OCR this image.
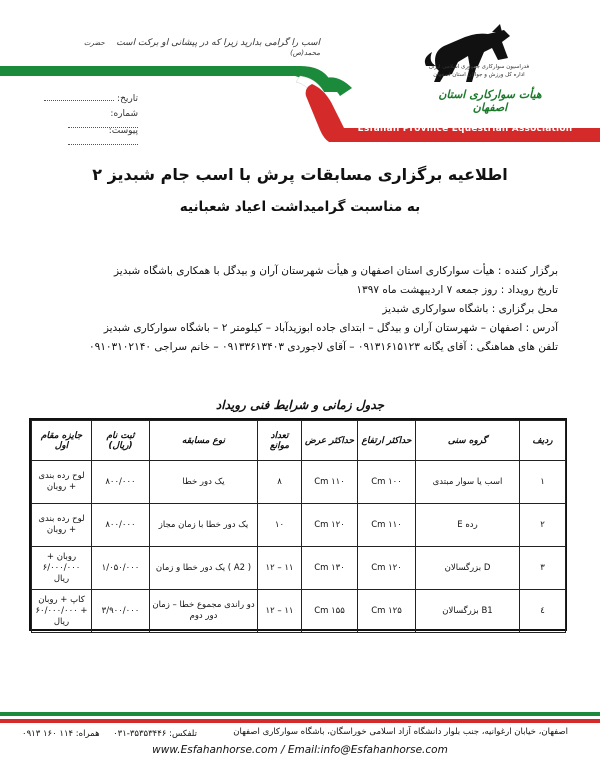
اسب را گرامی بدارید زیرا که در پیشانی او برکت است    حضرت محمد(ص)
Esfahan Province Equestrian Association
فدراسیون سوارکاری جمهوری اسلامی ایران
اداره کل ورزش و جوانان استان اصفهان
هیأت سوارکاری استان اصفهان
تاریخ:
شماره:
پیوست:
اطلاعیه برگزاری مسابقات پرش با اسب جام شبدیز ۲
به مناسبت گرامیداشت اعیاد شعبانیه
برگزار کننده : هیأت سوارکاری استان اصفهان و هیأت شهرستان آران و بیدگل با همکاری باشگاه شبدیز
تاریخ رویداد : روز جمعه ۷ اردیبهشت ماه ۱۳۹۷
محل برگزاری : باشگاه سوارکاری شبدیز
آدرس : اصفهان – شهرستان آران و بیدگل – ابتدای جاده ابوزیدآباد – کیلومتر ۲ – باشگاه سوارکاری شبدیز
تلفن های هماهنگی : آقای یگانه ۰۹۱۳۱۶۱۵۱۲۳ – آقای لاجوردی ۰۹۱۳۳۶۱۳۴۰۳ – خانم سراجی ۰۹۱۰۳۱۰۲۱۴۰
جدول زمانی و شرایط فنی رویداد
ردیف	گروه سنی	حداکثر ارتفاع	حداکثر عرض	تعداد موانع	نوع مسابقه	ثبت نام (ریال)	جایزه مقام اول
۱	اسب یا سوار مبتدی	۱۰۰ Cm	۱۱۰ Cm	۸	یک دور خطا	۸۰۰/۰۰۰	لوح رده بندی + روبان
۲	رده E	۱۱۰ Cm	۱۲۰ Cm	۱۰	یک دور خطا با زمان مجاز	۸۰۰/۰۰۰	لوح رده بندی + روبان
۳	D بزرگسالان	۱۲۰ Cm	۱۳۰ Cm	۱۱ – ۱۲	( A2 ) یک دور خطا و زمان	۱/۰۵۰/۰۰۰	روبان + ۶/۰۰۰/۰۰۰ ریال
٤	B1 بزرگسالان	۱۲۵ Cm	۱۵۵ Cm	۱۱ – ۱۲	دو راندی مجموع خطا – زمان دور دوم	۳/۹۰۰/۰۰۰	کاپ + روبان + ۶۰/۰۰۰/۰۰۰ ریال
اصفهان، خیابان ارغوانیه، جنب بلوار دانشگاه آزاد اسلامی خوراسگان، باشگاه سوارکاری اصفهان
تلفکس: ۳۵۳۵۳۴۴۶-۰۳۱     همراه: ۱۱۴ ۱۶۰ ۰۹۱۳
www.Esfahanhorse.com / Email:info@Esfahanhorse.com
